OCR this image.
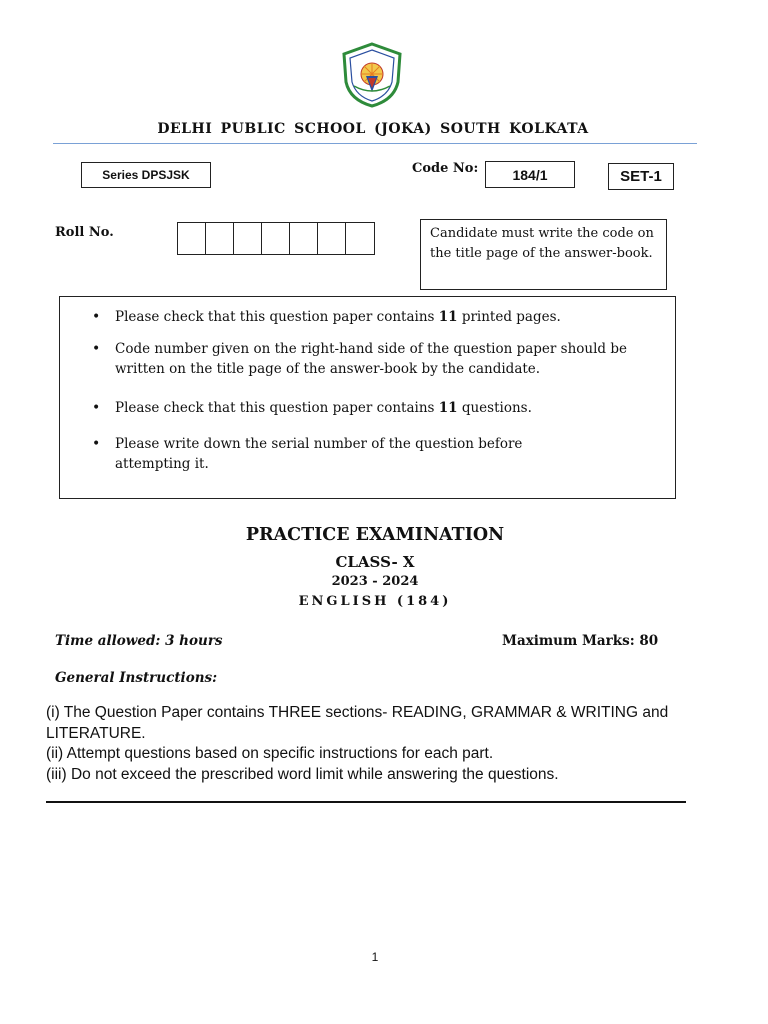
DELHI PUBLIC SCHOOL (JOKA) SOUTH KOLKATA
Series DPSJSK	Code No:	184/1	SET-1
Roll No.	Candidate must write the code on the title page of the answer-book.
• Please check that this question paper contains 11 printed pages.
• Code number given on the right-hand side of the question paper should be written on the title page of the answer-book by the candidate.
• Please check that this question paper contains 11 questions.
• Please write down the serial number of the question before attempting it.
PRACTICE EXAMINATION
CLASS- X
2023 - 2024
ENGLISH (184)
Time allowed: 3 hours	Maximum Marks: 80
General Instructions:
(i) The Question Paper contains THREE sections- READING, GRAMMAR & WRITING and LITERATURE.
(ii) Attempt questions based on specific instructions for each part.
(iii) Do not exceed the prescribed word limit while answering the questions.
1
